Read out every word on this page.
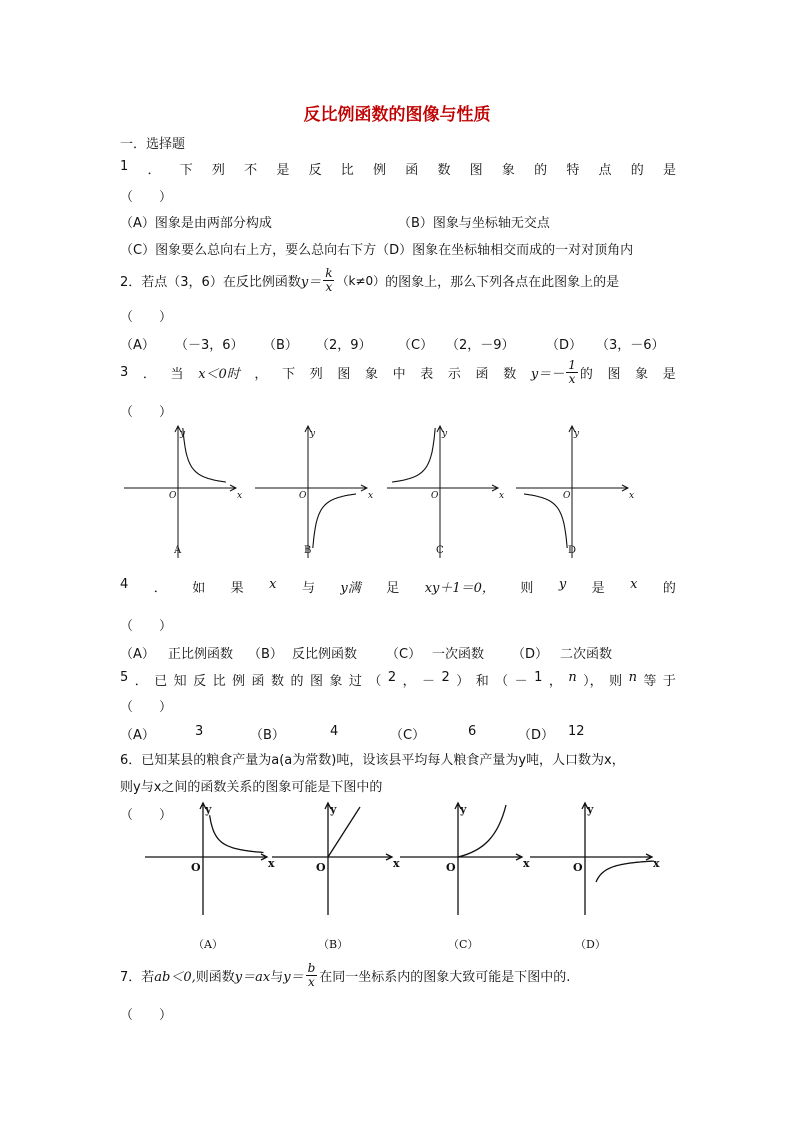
反比例函数的图像与性质
一．选择题
1 ． 下 列 不 是 反 比 例 函 数 图 象 的 特 点 的 是
（　　）
（A）图象是由两部分构成	（B）图象与坐标轴无交点
（C）图象要么总向右上方，要么总向右下方（D）图象在坐标轴相交而成的一对对顶角内
2．若点（3，6）在反比例函数 $y= \frac{k}{x} (k\ne 0)$ 的图象上，那么下列各点在此图象上的是
（　　）
（A） （－3，6） （B） （2，9） （C） （2，－9） （D） （3，－6）
3 ． 当 x＜0时 ， 下 列 图 象 中 表 示 函 数 $y=- \frac{1}{x}$ 的 图 象 是
（　　）
y
x
O
A
y
x
O
B
y
x
O
C
y
x
O
D
4 ． 如 果 x 与 y满 足 xy＋1＝0， 则 y 是 x 的
（　　）
（A） 正比例函数 （B） 反比例函数 （C） 一次函数 （D） 二次函数
5 ． 已 知 反 比 例 函 数 的 图 象 过 （ 2 ， － 2 ） 和 （ － 1 ， n ）， 则 n 等 于
（　　）
（A）	3	（B）	4	（C）	6	（D） 12
6．已知某县的粮食产量为a(a为常数)吨，设该县平均每人粮食产量为y吨，人口数为x，
则y与x之间的函数关系的图象可能是下图中的
（　　）	y
x
O
（A）
y
x
O
（B）
y
x
O
（C）
y
x
O
（D）
7．若 ab＜0, 则函数 y＝ax 与 $y= \frac{b}{x}$ 在同一坐标系内的图象大致可能是下图中的.
（　　）
